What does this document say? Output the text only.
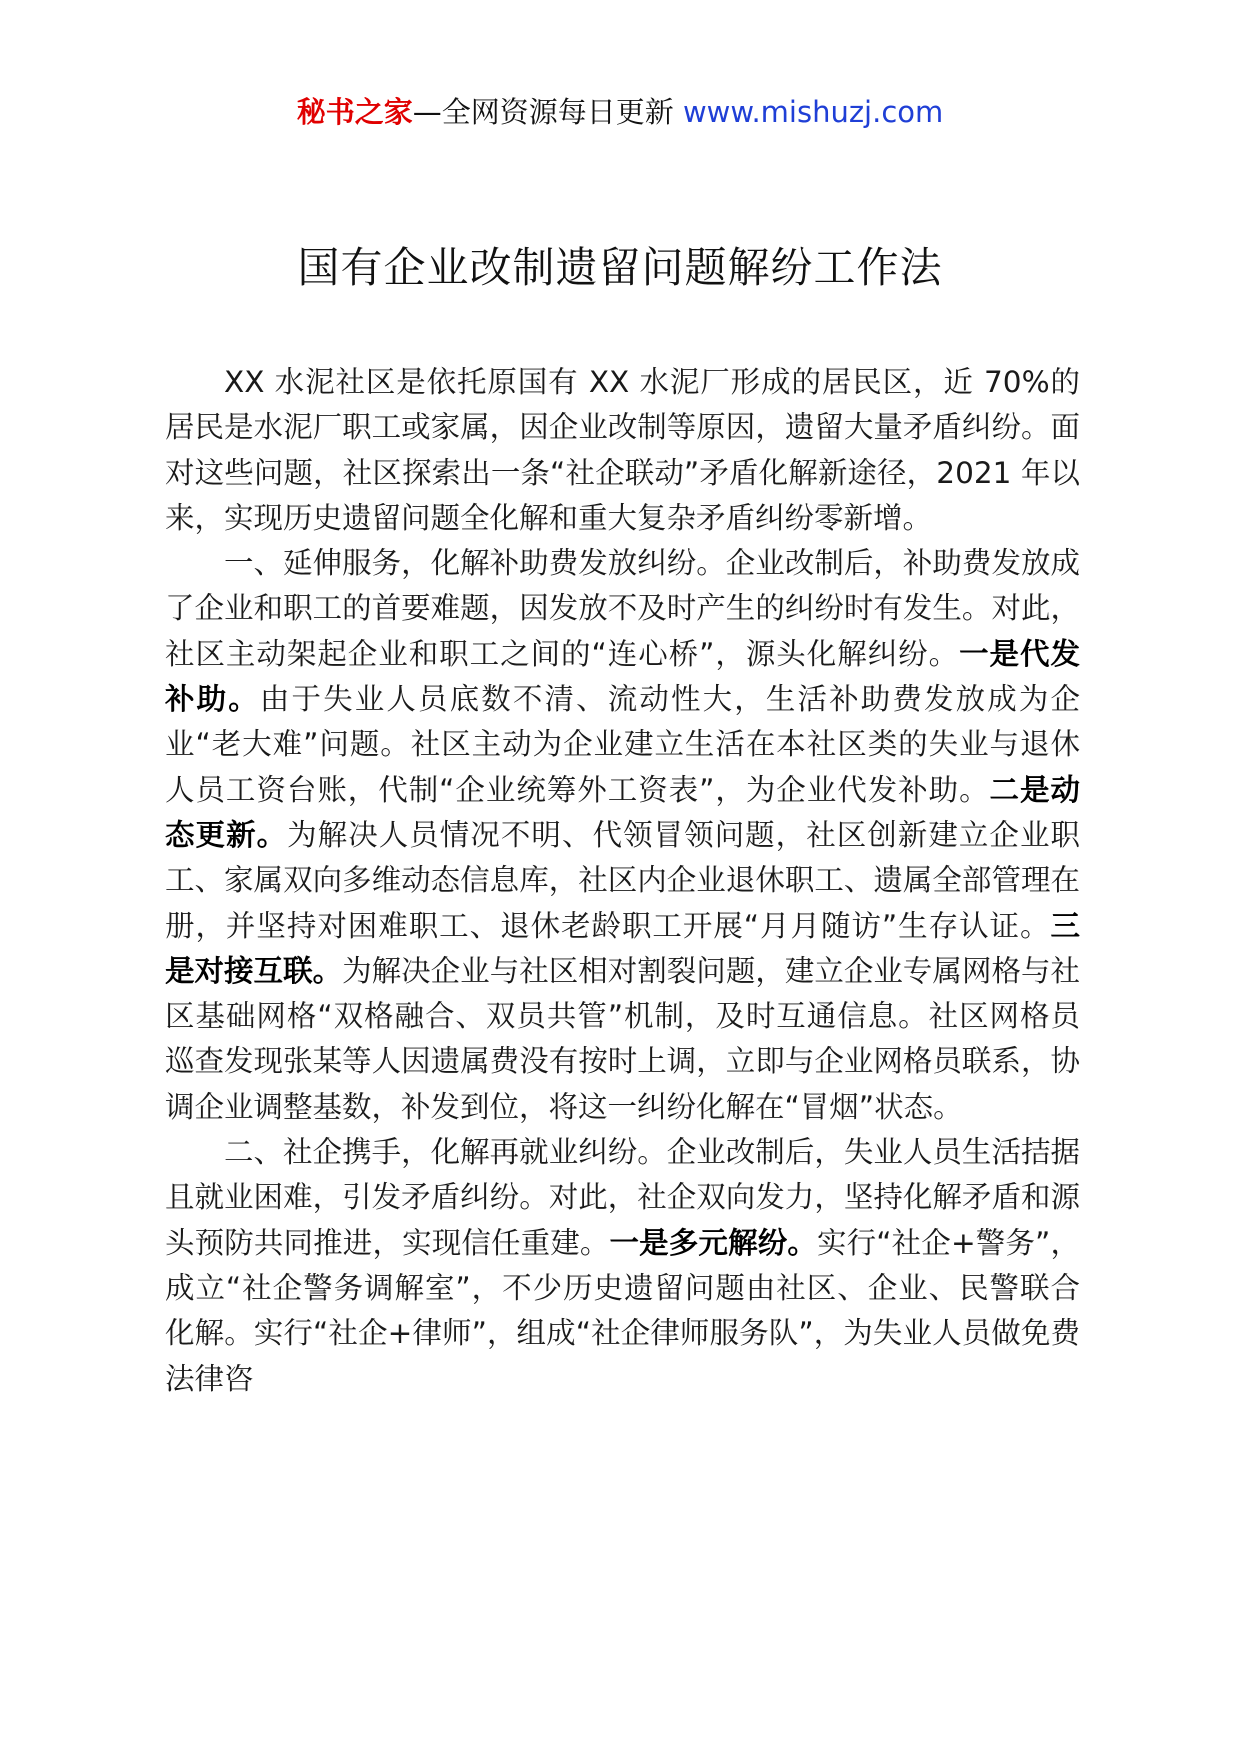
秘书之家—全网资源每日更新 www.mishuzj.com
国有企业改制遗留问题解纷工作法

XX 水泥社区是依托原国有 XX 水泥厂形成的居民区，近 70%的居民是水泥厂职工或家属，因企业改制等原因，遗留大量矛盾纠纷。面对这些问题，社区探索出一条“社企联动”矛盾化解新途径，2021 年以来，实现历史遗留问题全化解和重大复杂矛盾纠纷零新增。

一、延伸服务，化解补助费发放纠纷。企业改制后，补助费发放成了企业和职工的首要难题，因发放不及时产生的纠纷时有发生。对此，社区主动架起企业和职工之间的“连心桥”，源头化解纠纷。一是代发补助。由于失业人员底数不清、流动性大，生活补助费发放成为企业“老大难”问题。社区主动为企业建立生活在本社区类的失业与退休人员工资台账，代制“企业统筹外工资表”，为企业代发补助。二是动态更新。为解决人员情况不明、代领冒领问题，社区创新建立企业职工、家属双向多维动态信息库，社区内企业退休职工、遗属全部管理在册，并坚持对困难职工、退休老龄职工开展“月月随访”生存认证。三是对接互联。为解决企业与社区相对割裂问题，建立企业专属网格与社区基础网格“双格融合、双员共管”机制，及时互通信息。社区网格员巡查发现张某等人因遗属费没有按时上调，立即与企业网格员联系，协调企业调整基数，补发到位，将这一纠纷化解在“冒烟”状态。

二、社企携手，化解再就业纠纷。企业改制后，失业人员生活拮据且就业困难，引发矛盾纠纷。对此，社企双向发力，坚持化解矛盾和源头预防共同推进，实现信任重建。一是多元解纷。实行“社企+警务”，成立“社企警务调解室”，不少历史遗留问题由社区、企业、民警联合化解。实行“社企+律师”，组成“社企律师服务队”，为失业人员做免费法律咨
